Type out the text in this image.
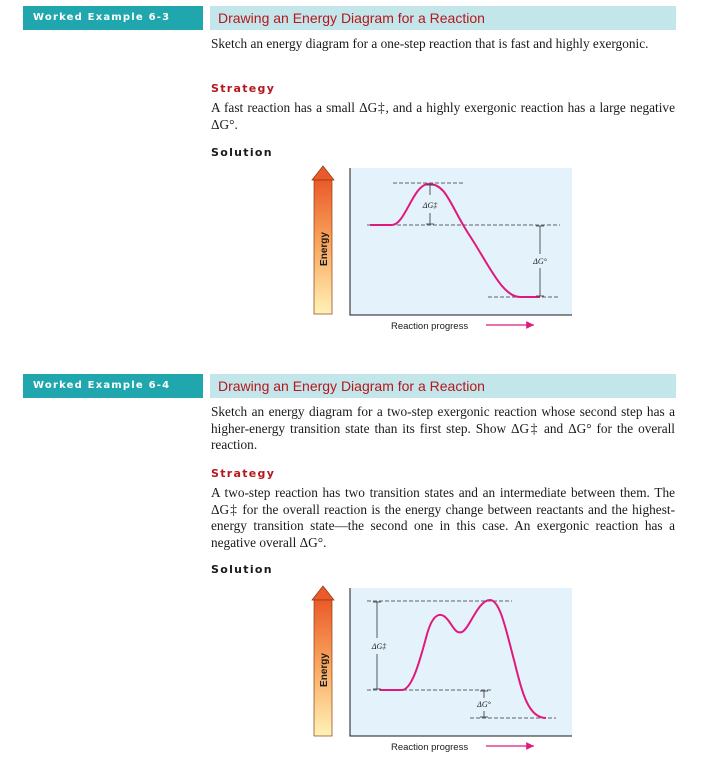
Worked Example 6-3	Drawing an Energy Diagram for a Reaction

Sketch an energy diagram for a one-step reaction that is fast and highly exergonic.

Strategy

A fast reaction has a small ΔG‡, and a highly exergonic reaction has a large negative ΔG°.

Solution
Energy
ΔG‡
ΔG°
Reaction progress
Worked Example 6-4	Drawing an Energy Diagram for a Reaction

Sketch an energy diagram for a two-step exergonic reaction whose second step has a higher-energy transition state than its first step. Show ΔG‡ and ΔG° for the overall reaction.

Strategy

A two-step reaction has two transition states and an intermediate between them. The ΔG‡ for the overall reaction is the energy change between reactants and the highest-energy transition state—the second one in this case. An exergonic reaction has a negative overall ΔG°.

Solution
Energy
ΔG‡
ΔG°
Reaction progress
